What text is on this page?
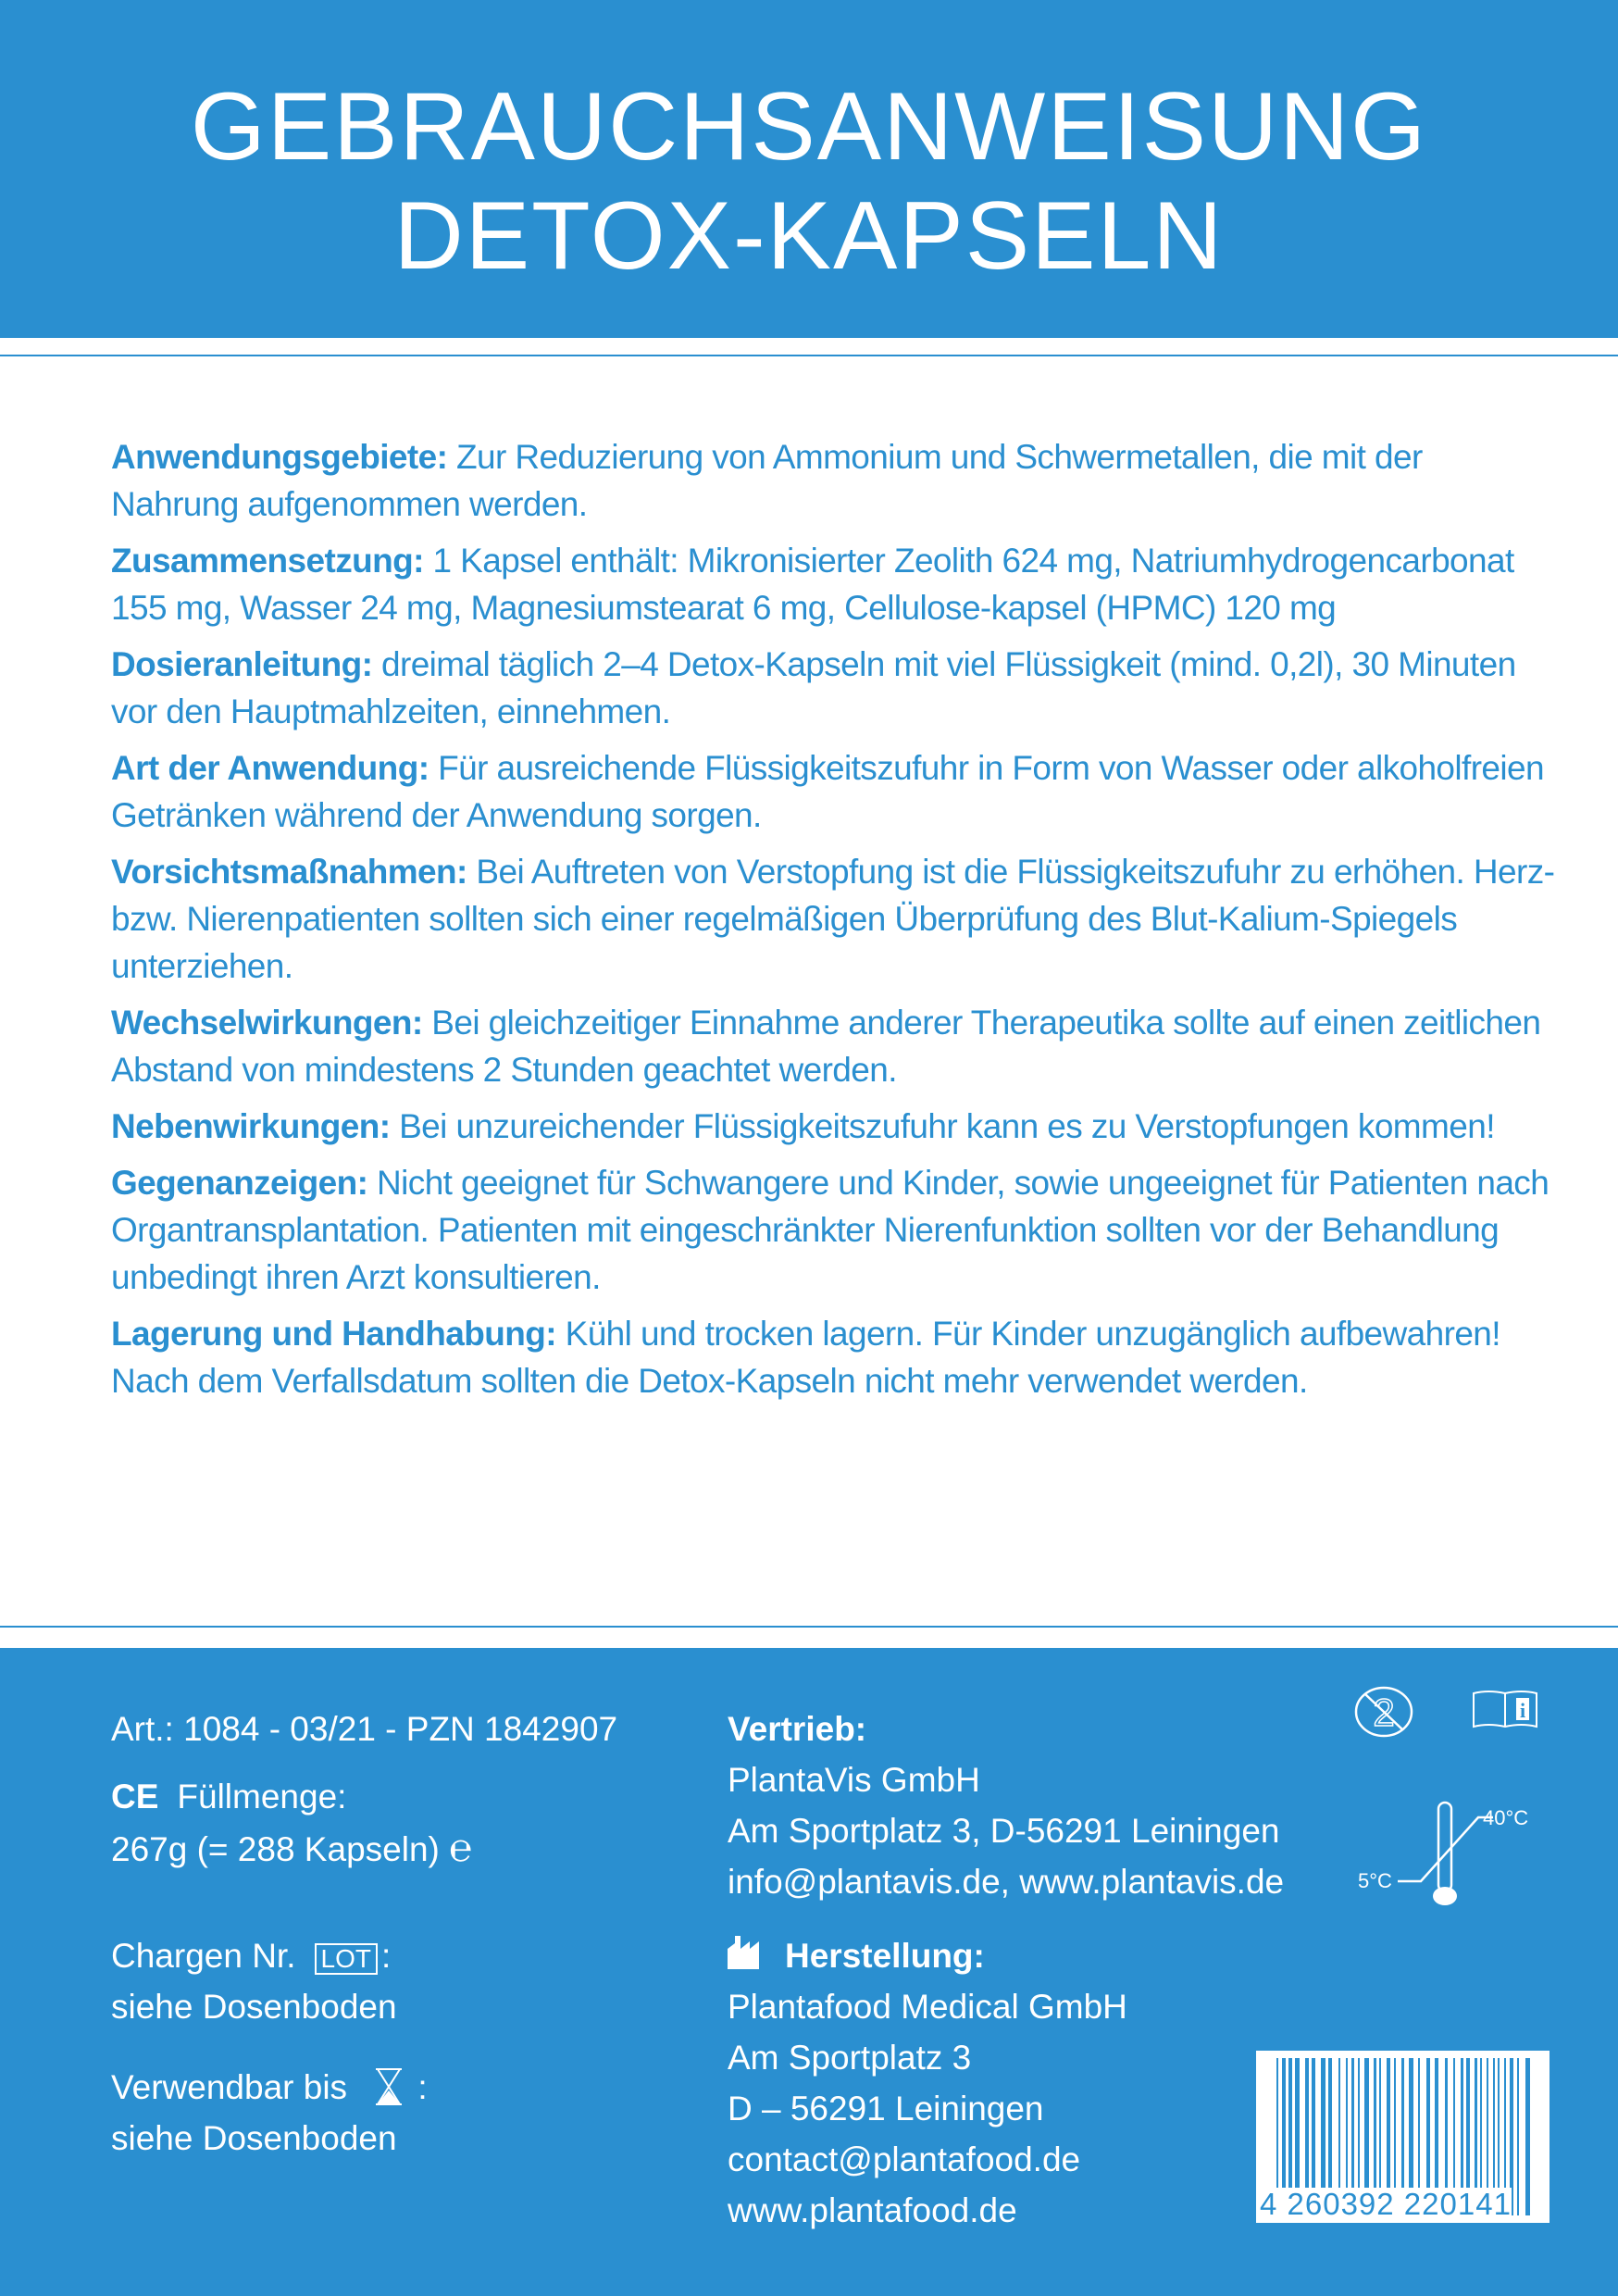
GEBRAUCHSANWEISUNG
DETOX-KAPSELN

Anwendungsgebiete: Zur Reduzierung von Ammonium und Schwermetallen, die mit der Nahrung aufgenommen werden.

Zusammensetzung: 1 Kapsel enthält: Mikronisierter Zeolith 624 mg, Natriumhydrogencarbonat 155 mg, Wasser 24 mg, Magnesiumstearat 6 mg, Cellulose-kapsel (HPMC) 120 mg

Dosieranleitung: dreimal täglich 2–4 Detox-Kapseln mit viel Flüssigkeit (mind. 0,2l), 30 Minuten vor den Hauptmahlzeiten, einnehmen.

Art der Anwendung: Für ausreichende Flüssigkeitszufuhr in Form von Wasser oder alkoholfreien Getränken während der Anwendung sorgen.

Vorsichtsmaßnahmen: Bei Auftreten von Verstopfung ist die Flüssigkeitszufuhr zu erhöhen. Herz- bzw. Nierenpatienten sollten sich einer regelmäßigen Überprüfung des Blut-Kalium-Spiegels unterziehen.

Wechselwirkungen: Bei gleichzeitiger Einnahme anderer Therapeutika sollte auf einen zeitlichen Abstand von mindestens 2 Stunden geachtet werden.

Nebenwirkungen: Bei unzureichender Flüssigkeitszufuhr kann es zu Verstopfungen kommen!

Gegenanzeigen: Nicht geeignet für Schwangere und Kinder, sowie ungeeignet für Patienten nach Organtransplantation. Patienten mit eingeschränkter Nierenfunktion sollten vor der Behandlung unbedingt ihren Arzt konsultieren.

Lagerung und Handhabung: Kühl und trocken lagern. Für Kinder unzugänglich aufbewahren! Nach dem Verfallsdatum sollten die Detox-Kapseln nicht mehr verwendet werden.

Art.: 1084 - 03/21 - PZN 1842907
CE Füllmenge:
267g (= 288 Kapseln) ℮
Chargen Nr. LOT :
siehe Dosenboden
Verwendbar bis :
siehe Dosenboden
Vertrieb:
PlantaVis GmbH
Am Sportplatz 3, D-56291 Leiningen
info@plantavis.de, www.plantavis.de
Herstellung:
Plantafood Medical GmbH
Am Sportplatz 3
D – 56291 Leiningen
contact@plantafood.de
www.plantafood.de
2	i
40°C
5°C
4 260392 220141
